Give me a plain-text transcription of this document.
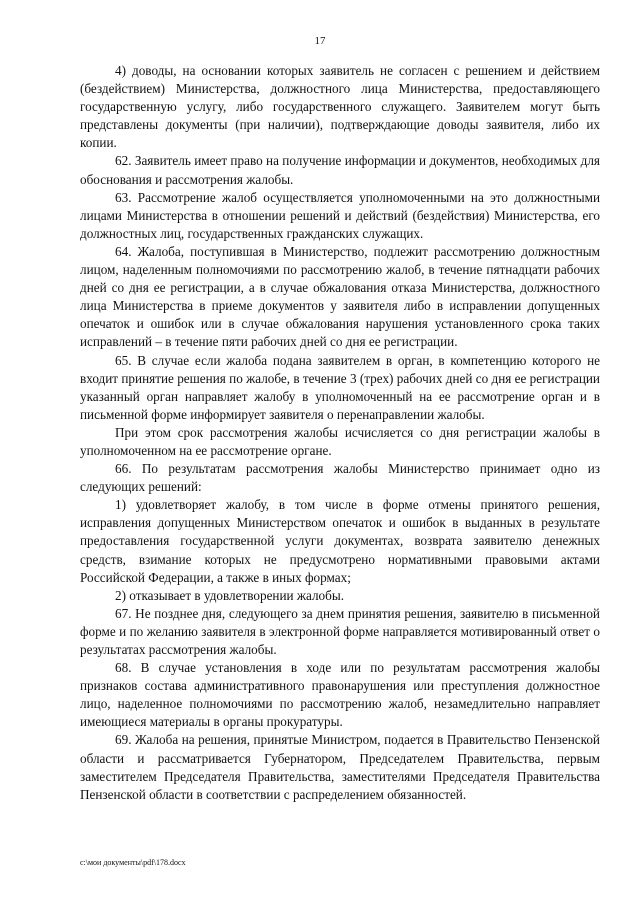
17

4) доводы, на основании которых заявитель не согласен с решением и действием (бездействием) Министерства, должностного лица Министерства, предоставляющего государственную услугу, либо государственного служащего. Заявителем могут быть представлены документы (при наличии), подтверждающие доводы заявителя, либо их копии.

62. Заявитель имеет право на получение информации и документов, необходимых для обоснования и рассмотрения жалобы.

63. Рассмотрение жалоб осуществляется уполномоченными на это должностными лицами Министерства в отношении решений и действий (бездействия) Министерства, его должностных лиц, государственных гражданских служащих.

64. Жалоба, поступившая в Министерство, подлежит рассмотрению должностным лицом, наделенным полномочиями по рассмотрению жалоб, в течение пятнадцати рабочих дней со дня ее регистрации, а в случае обжалования отказа Министерства, должностного лица Министерства в приеме документов у заявителя либо в исправлении допущенных опечаток и ошибок или в случае обжалования нарушения установленного срока таких исправлений – в течение пяти рабочих дней со дня ее регистрации.

65. В случае если жалоба подана заявителем в орган, в компетенцию которого не входит принятие решения по жалобе, в течение 3 (трех) рабочих дней со дня ее регистрации указанный орган направляет жалобу в уполномоченный на ее рассмотрение орган и в письменной форме информирует заявителя о перенаправлении жалобы.

При этом срок рассмотрения жалобы исчисляется со дня регистрации жалобы в уполномоченном на ее рассмотрение органе.

66. По результатам рассмотрения жалобы Министерство принимает одно из следующих решений:

1) удовлетворяет жалобу, в том числе в форме отмены принятого решения, исправления допущенных Министерством опечаток и ошибок в выданных в результате предоставления государственной услуги документах, возврата заявителю денежных средств, взимание которых не предусмотрено нормативными правовыми актами Российской Федерации, а также в иных формах;

2) отказывает в удовлетворении жалобы.

67. Не позднее дня, следующего за днем принятия решения, заявителю в письменной форме и по желанию заявителя в электронной форме направляется мотивированный ответ о результатах рассмотрения жалобы.

68. В случае установления в ходе или по результатам рассмотрения жалобы признаков состава административного правонарушения или преступления должностное лицо, наделенное полномочиями по рассмотрению жалоб, незамедлительно направляет имеющиеся материалы в органы прокуратуры.

69. Жалоба на решения, принятые Министром, подается в Правительство Пензенской области и рассматривается Губернатором, Председателем Правительства, первым заместителем Председателя Правительства, заместителями Председателя Правительства Пензенской области в соответствии с распределением обязанностей.

c:\мои документы\pdf\178.docx
